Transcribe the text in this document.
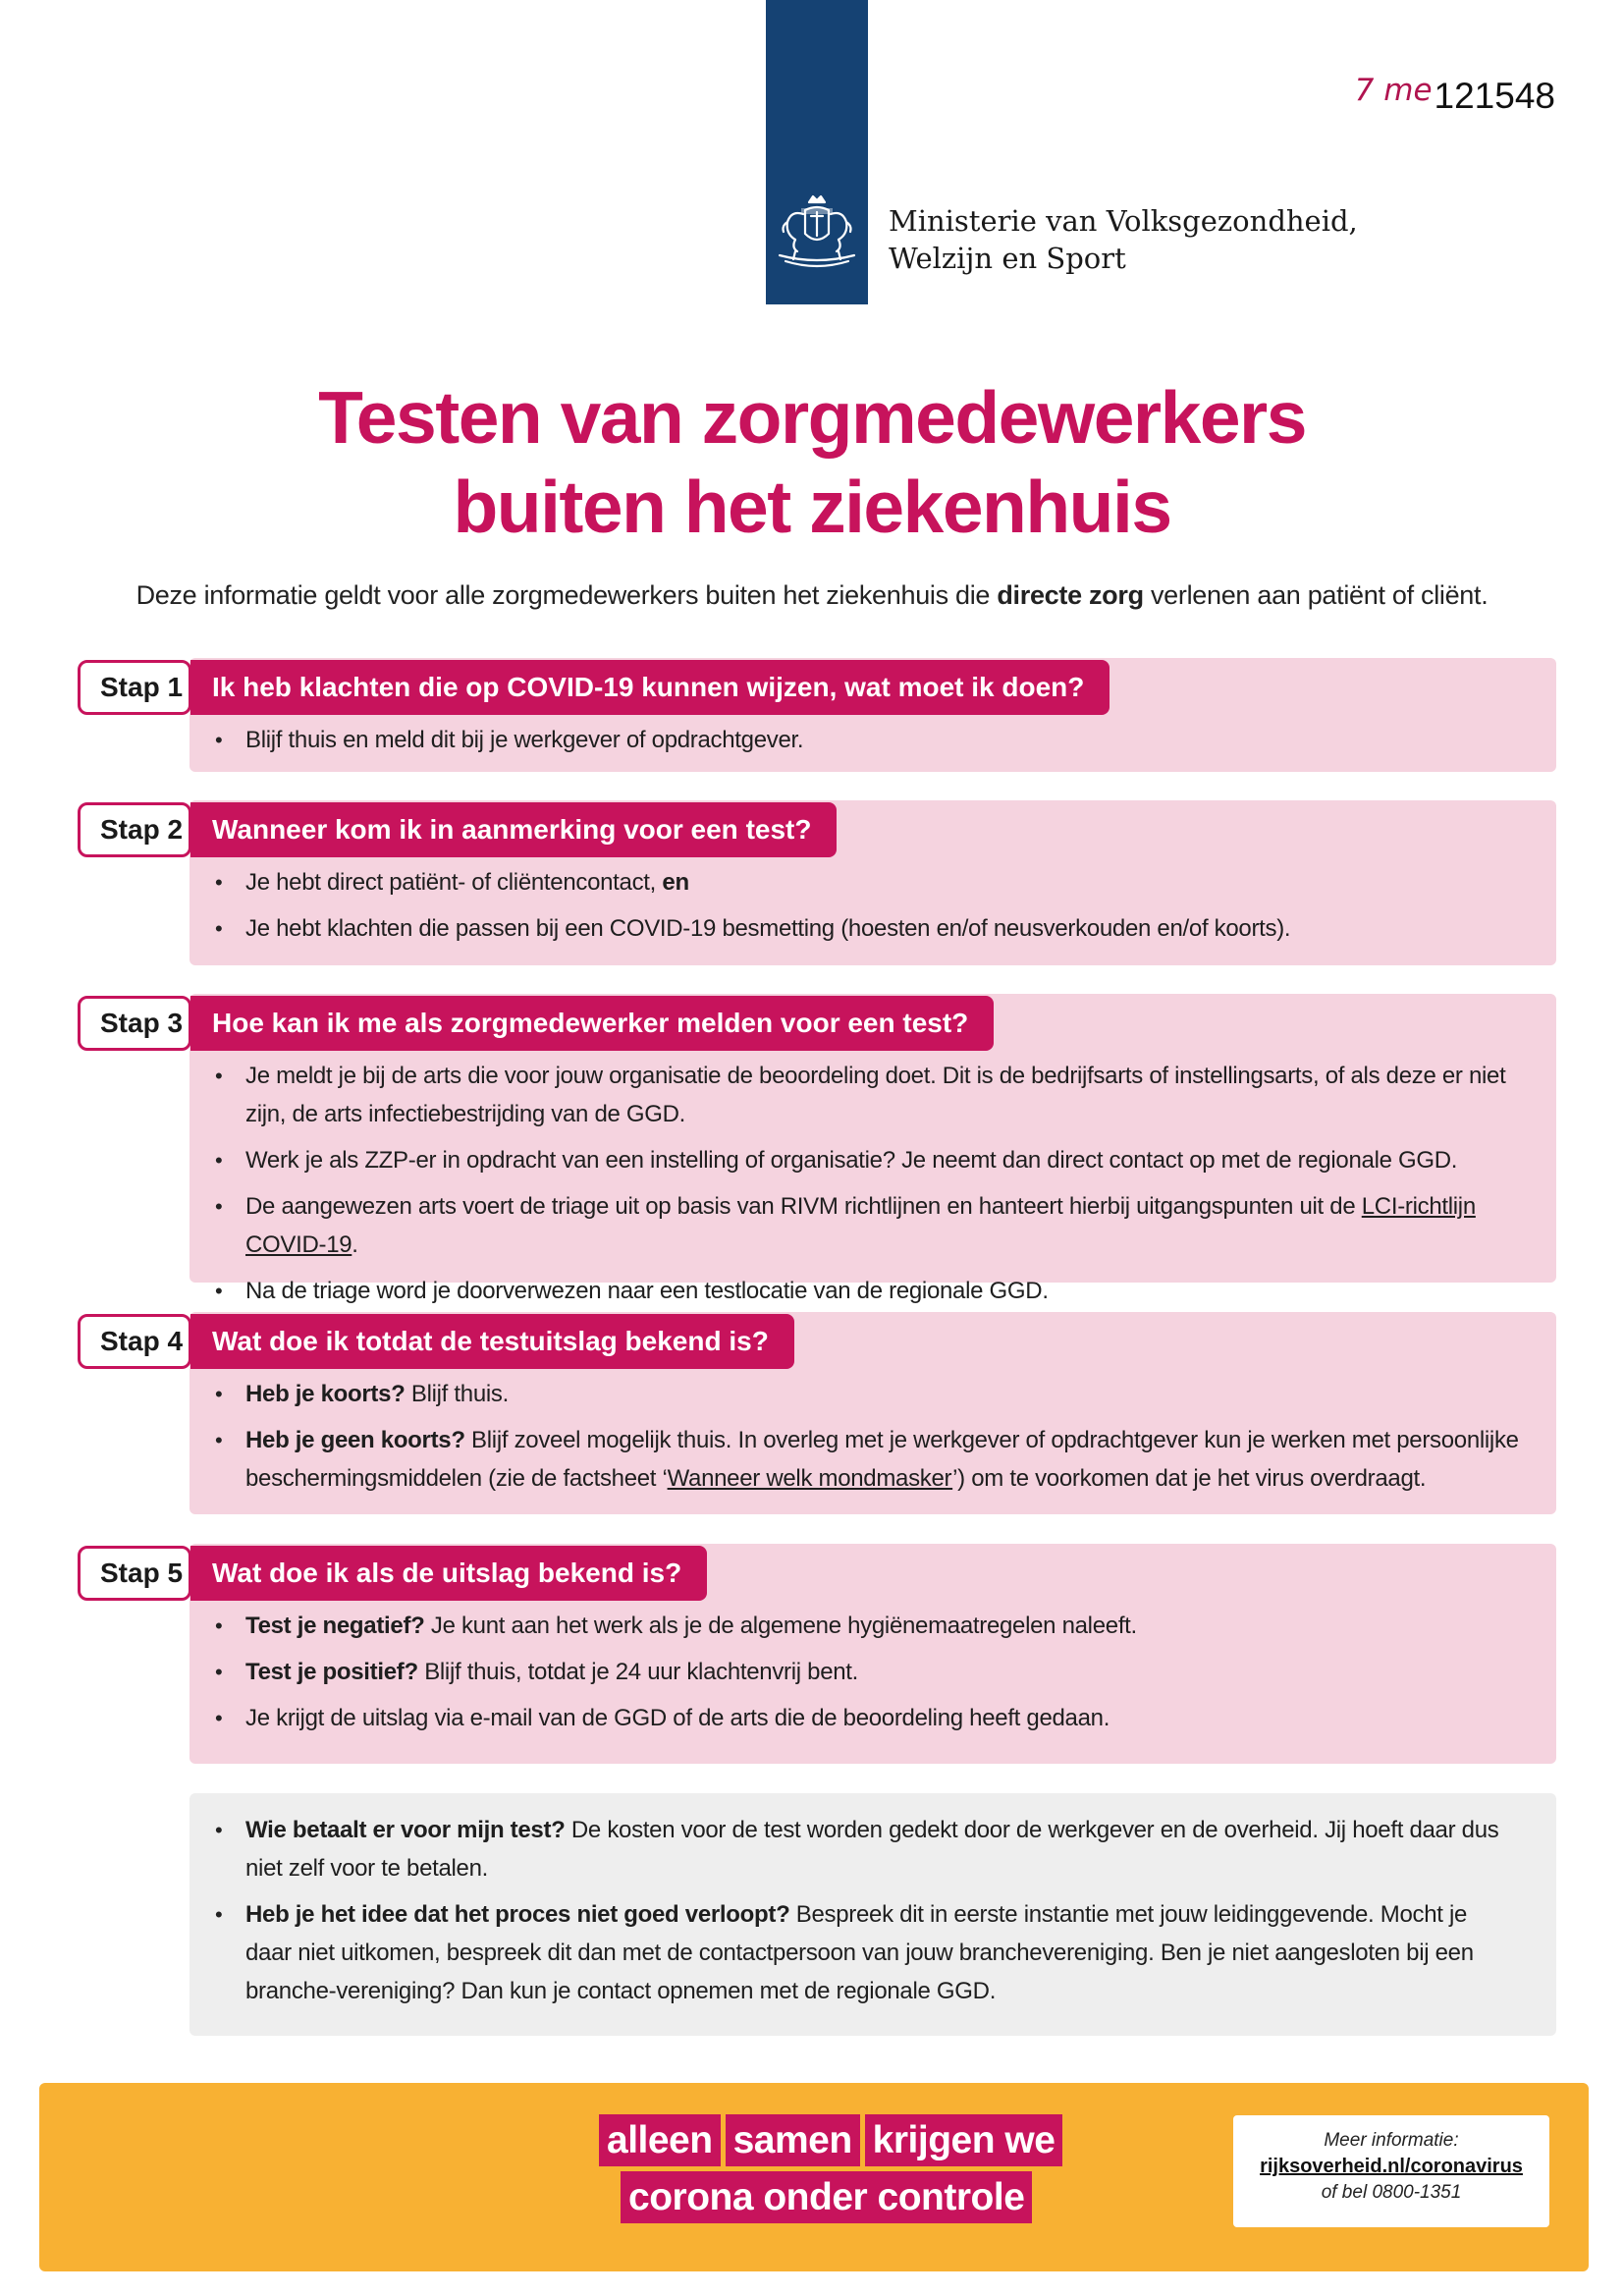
Ministerie van Volksgezondheid,
Welzijn en Sport
7 me121548
Testen van zorgmedewerkers
buiten het ziekenhuis
Deze informatie geldt voor alle zorgmedewerkers buiten het ziekenhuis die directe zorg verlenen aan patiënt of cliënt.
Stap 1	Ik heb klachten die op COVID-19 kunnen wijzen, wat moet ik doen?
• Blijf thuis en meld dit bij je werkgever of opdrachtgever.
Stap 2	Wanneer kom ik in aanmerking voor een test?
• Je hebt direct patiënt- of cliëntencontact, en
• Je hebt klachten die passen bij een COVID-19 besmetting (hoesten en/of neusverkouden en/of koorts).
Stap 3	Hoe kan ik me als zorgmedewerker melden voor een test?
• Je meldt je bij de arts die voor jouw organisatie de beoordeling doet. Dit is de bedrijfsarts of instellingsarts, of als deze er niet zijn, de arts infectiebestrijding van de GGD.
• Werk je als ZZP-er in opdracht van een instelling of organisatie? Je neemt dan direct contact op met de regionale GGD.
• De aangewezen arts voert de triage uit op basis van RIVM richtlijnen en hanteert hierbij uitgangspunten uit de LCI-richtlijn COVID-19.
• Na de triage word je doorverwezen naar een testlocatie van de regionale GGD.
Stap 4	Wat doe ik totdat de testuitslag bekend is?
• Heb je koorts? Blijf thuis.
• Heb je geen koorts? Blijf zoveel mogelijk thuis. In overleg met je werkgever of opdrachtgever kun je werken met persoonlijke beschermingsmiddelen (zie de factsheet ‘Wanneer welk mondmasker’) om te voorkomen dat je het virus overdraagt.
Stap 5	Wat doe ik als de uitslag bekend is?
• Test je negatief? Je kunt aan het werk als je de algemene hygiënemaatregelen naleeft.
• Test je positief? Blijf thuis, totdat je 24 uur klachtenvrij bent.
• Je krijgt de uitslag via e-mail van de GGD of de arts die de beoordeling heeft gedaan.
• Wie betaalt er voor mijn test? De kosten voor de test worden gedekt door de werkgever en de overheid. Jij hoeft daar dus niet zelf voor te betalen.
• Heb je het idee dat het proces niet goed verloopt? Bespreek dit in eerste instantie met jouw leidinggevende. Mocht je daar niet uitkomen, bespreek dit dan met de contactpersoon van jouw branchevereniging. Ben je niet aangesloten bij een branche-vereniging? Dan kun je contact opnemen met de regionale GGD.
alleen samen krijgen we
corona onder controle
Meer informatie:
rijksoverheid.nl/coronavirus
of bel 0800-1351
